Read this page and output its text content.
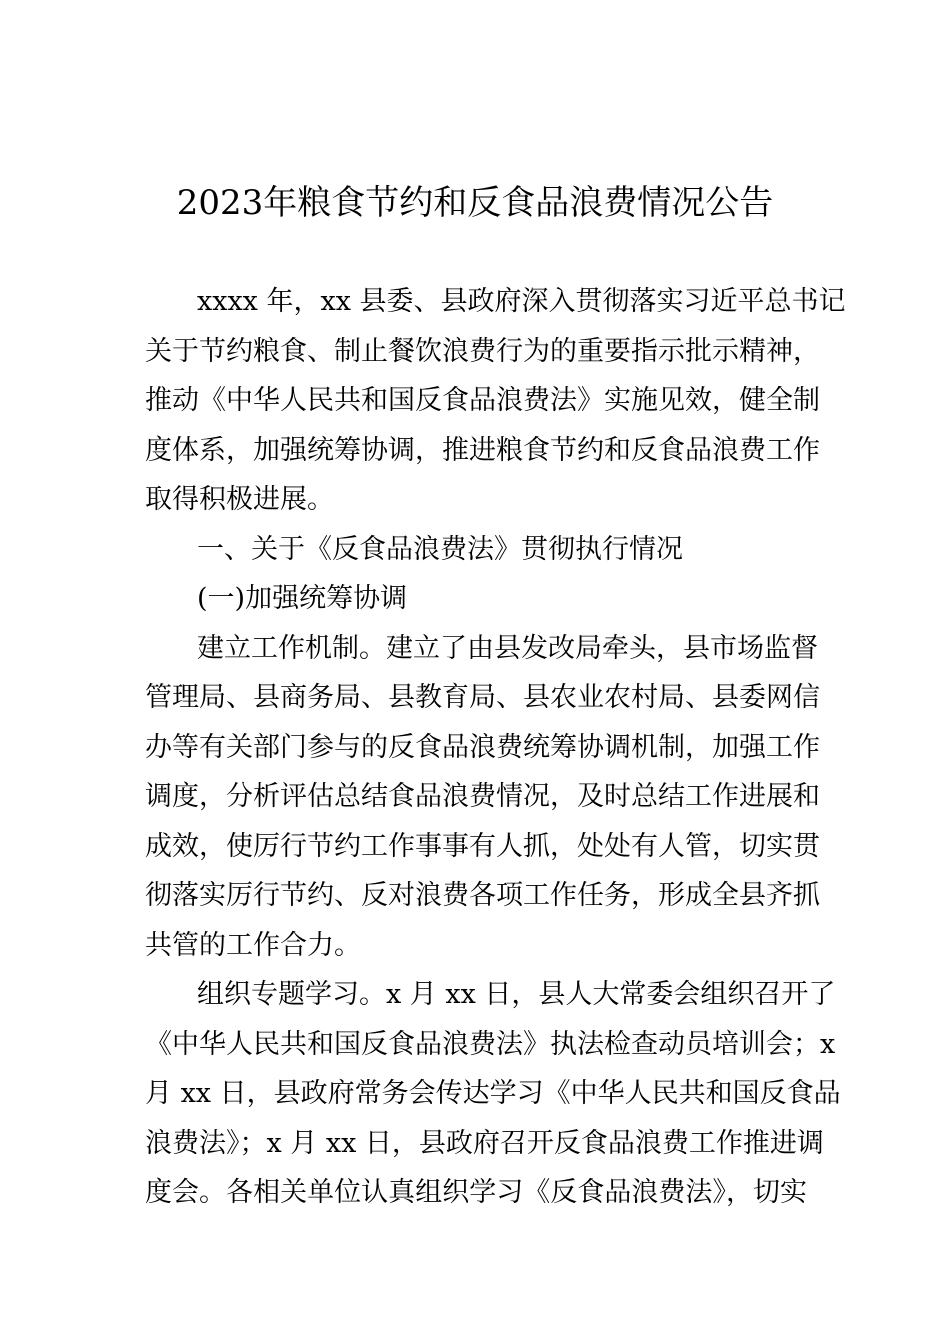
2023年粮食节约和反食品浪费情况公告
xxxx 年，xx 县委、县政府深入贯彻落实习近平总书记
关于节约粮食、制止餐饮浪费行为的重要指示批示精神，
推动《中华人民共和国反食品浪费法》实施见效，健全制
度体系，加强统筹协调，推进粮食节约和反食品浪费工作
取得积极进展。
一、关于《反食品浪费法》贯彻执行情况
(一)加强统筹协调
建立工作机制。建立了由县发改局牵头，县市场监督
管理局、县商务局、县教育局、县农业农村局、县委网信
办等有关部门参与的反食品浪费统筹协调机制，加强工作
调度，分析评估总结食品浪费情况，及时总结工作进展和
成效，使厉行节约工作事事有人抓，处处有人管，切实贯
彻落实厉行节约、反对浪费各项工作任务，形成全县齐抓
共管的工作合力。
组织专题学习。x 月 xx 日，县人大常委会组织召开了
《中华人民共和国反食品浪费法》执法检查动员培训会；x
月 xx 日，县政府常务会传达学习《中华人民共和国反食品
浪费法》；x 月 xx 日，县政府召开反食品浪费工作推进调
度会。各相关单位认真组织学习《反食品浪费法》，切实
